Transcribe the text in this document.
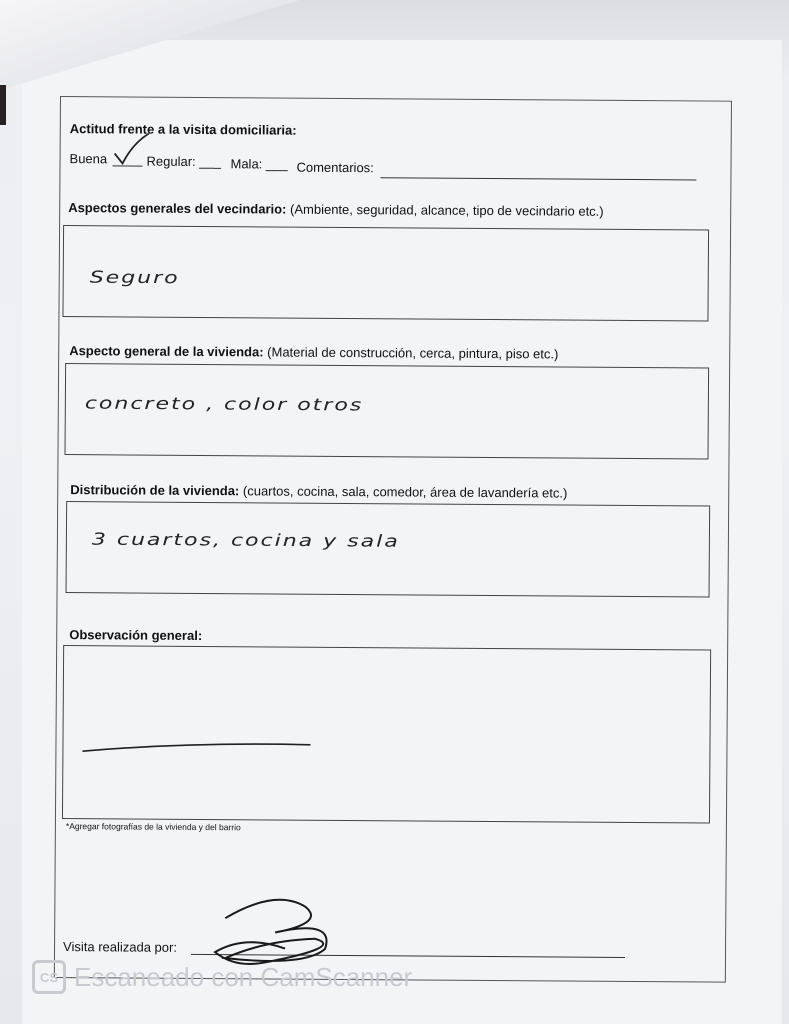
Actitud frente a la visita domiciliaria:
Buena	Regular: ___ Mala: ___ Comentarios:
Aspectos generales del vecindario: (Ambiente, seguridad, alcance, tipo de vecindario etc.)
Seguro
Aspecto general de la vivienda: (Material de construcción, cerca, pintura, piso etc.)
concreto , color otros
Distribución de la vivienda: (cuartos, cocina, sala, comedor, área de lavandería etc.)
3 cuartos, cocina y sala
Observación general:
*Agregar fotografías de la vivienda y del barrio
Visita realizada por:
CS Escaneado con CamScanner
